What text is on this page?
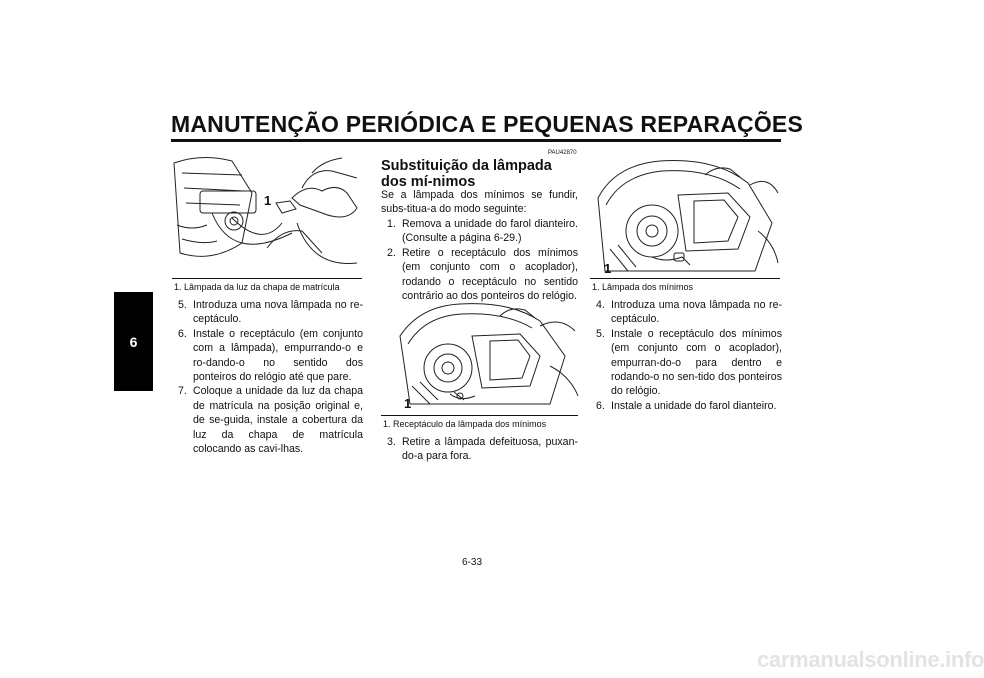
MANUTENÇÃO PERIÓDICA E PEQUENAS REPARAÇÕES
6
1
1. Lâmpada da luz da chapa de matrícula
5. Introduza uma nova lâmpada no re-ceptáculo.
6. Instale o receptáculo (em conjunto com a lâmpada), empurrando-o e ro-dando-o no sentido dos ponteiros do relógio até que pare.
7. Coloque a unidade da luz da chapa de matrícula na posição original e, de se-guida, instale a cobertura da luz da chapa de matrícula colocando as cavi-lhas.
PAU42870
Substituição da lâmpada dos mí-nimos
Se a lâmpada dos mínimos se fundir, subs-titua-a do modo seguinte:
1. Remova a unidade do farol dianteiro. (Consulte a página 6-29.)
2. Retire o receptáculo dos mínimos (em conjunto com o acoplador), rodando o receptáculo no sentido contrário ao dos ponteiros do relógio.
1
1. Receptáculo da lâmpada dos mínimos
3. Retire a lâmpada defeituosa, puxan-do-a para fora.
1
1. Lâmpada dos mínimos
4. Introduza uma nova lâmpada no re-ceptáculo.
5. Instale o receptáculo dos mínimos (em conjunto com o acoplador), empurran-do-o para dentro e rodando-o no sen-tido dos ponteiros do relógio.
6. Instale a unidade do farol dianteiro.
6-33
carmanualsonline.info
